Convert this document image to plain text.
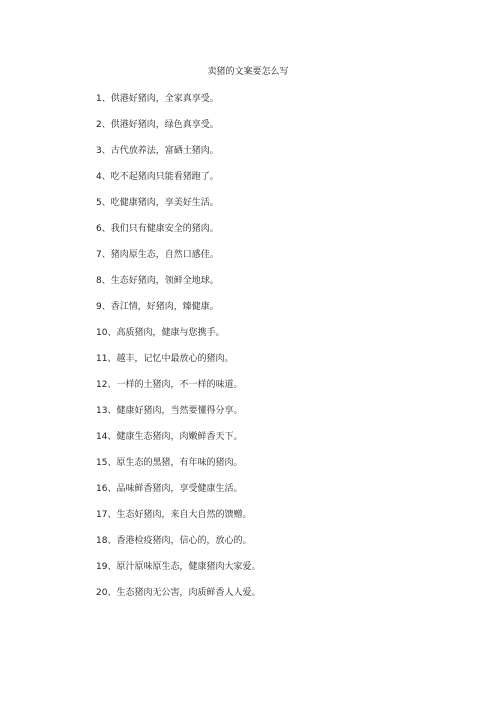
卖猪的文案要怎么写
1、供港好猪肉，全家真享受。
2、供港好猪肉，绿色真享受。
3、古代放养法，富硒土猪肉。
4、吃不起猪肉只能看猪跑了。
5、吃健康猪肉，享美好生活。
6、我们只有健康安全的猪肉。
7、猪肉原生态，自然口感佳。
8、生态好猪肉，领鲜全地球。
9、香江情，好猪肉，臻健康。
10、高质猪肉，健康与您携手。
11、越丰，记忆中最放心的猪肉。
12、一样的土猪肉，不一样的味道。
13、健康好猪肉，当然要懂得分享。
14、健康生态猪肉，肉嫩鲜香天下。
15、原生态的黑猪，有年味的猪肉。
16、品味鲜香猪肉，享受健康生活。
17、生态好猪肉，来自大自然的馈赠。
18、香港检疫猪肉，信心的，放心的。
19、原汁原味原生态，健康猪肉大家爱。
20、生态猪肉无公害，肉质鲜香人人爱。
